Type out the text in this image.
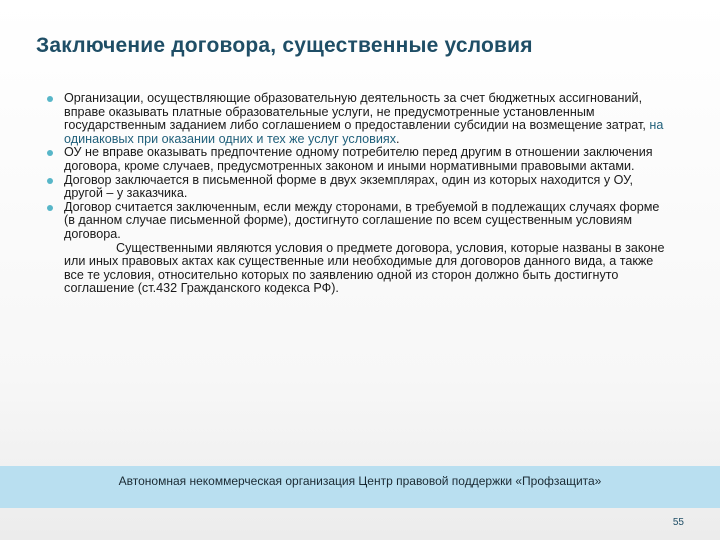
Заключение договора, существенные условия

Организации, осуществляющие образовательную деятельность за счет бюджетных ассигнований, вправе оказывать платные образовательные услуги, не предусмотренные установленным государственным заданием либо соглашением о предоставлении субсидии на возмещение затрат, на одинаковых при оказании одних и тех же услуг условиях.

ОУ не вправе оказывать предпочтение одному потребителю перед другим в отношении заключения договора, кроме случаев, предусмотренных законом и иными нормативными правовыми актами.

Договор заключается в письменной форме в двух экземплярах, один из которых находится у ОУ, другой – у заказчика.

Договор считается заключенным, если между сторонами, в требуемой в подлежащих случаях форме (в данном случае письменной форме), достигнуто соглашение по всем существенным условиям договора.

Существенными являются условия о предмете договора, условия, которые названы в законе или иных правовых актах как существенные или необходимые для договоров данного вида, а также все те условия, относительно которых по заявлению одной из сторон должно быть достигнуто соглашение (ст.432 Гражданского кодекса РФ).

Автономная некоммерческая организация Центр правовой поддержки «Профзащита»
55
